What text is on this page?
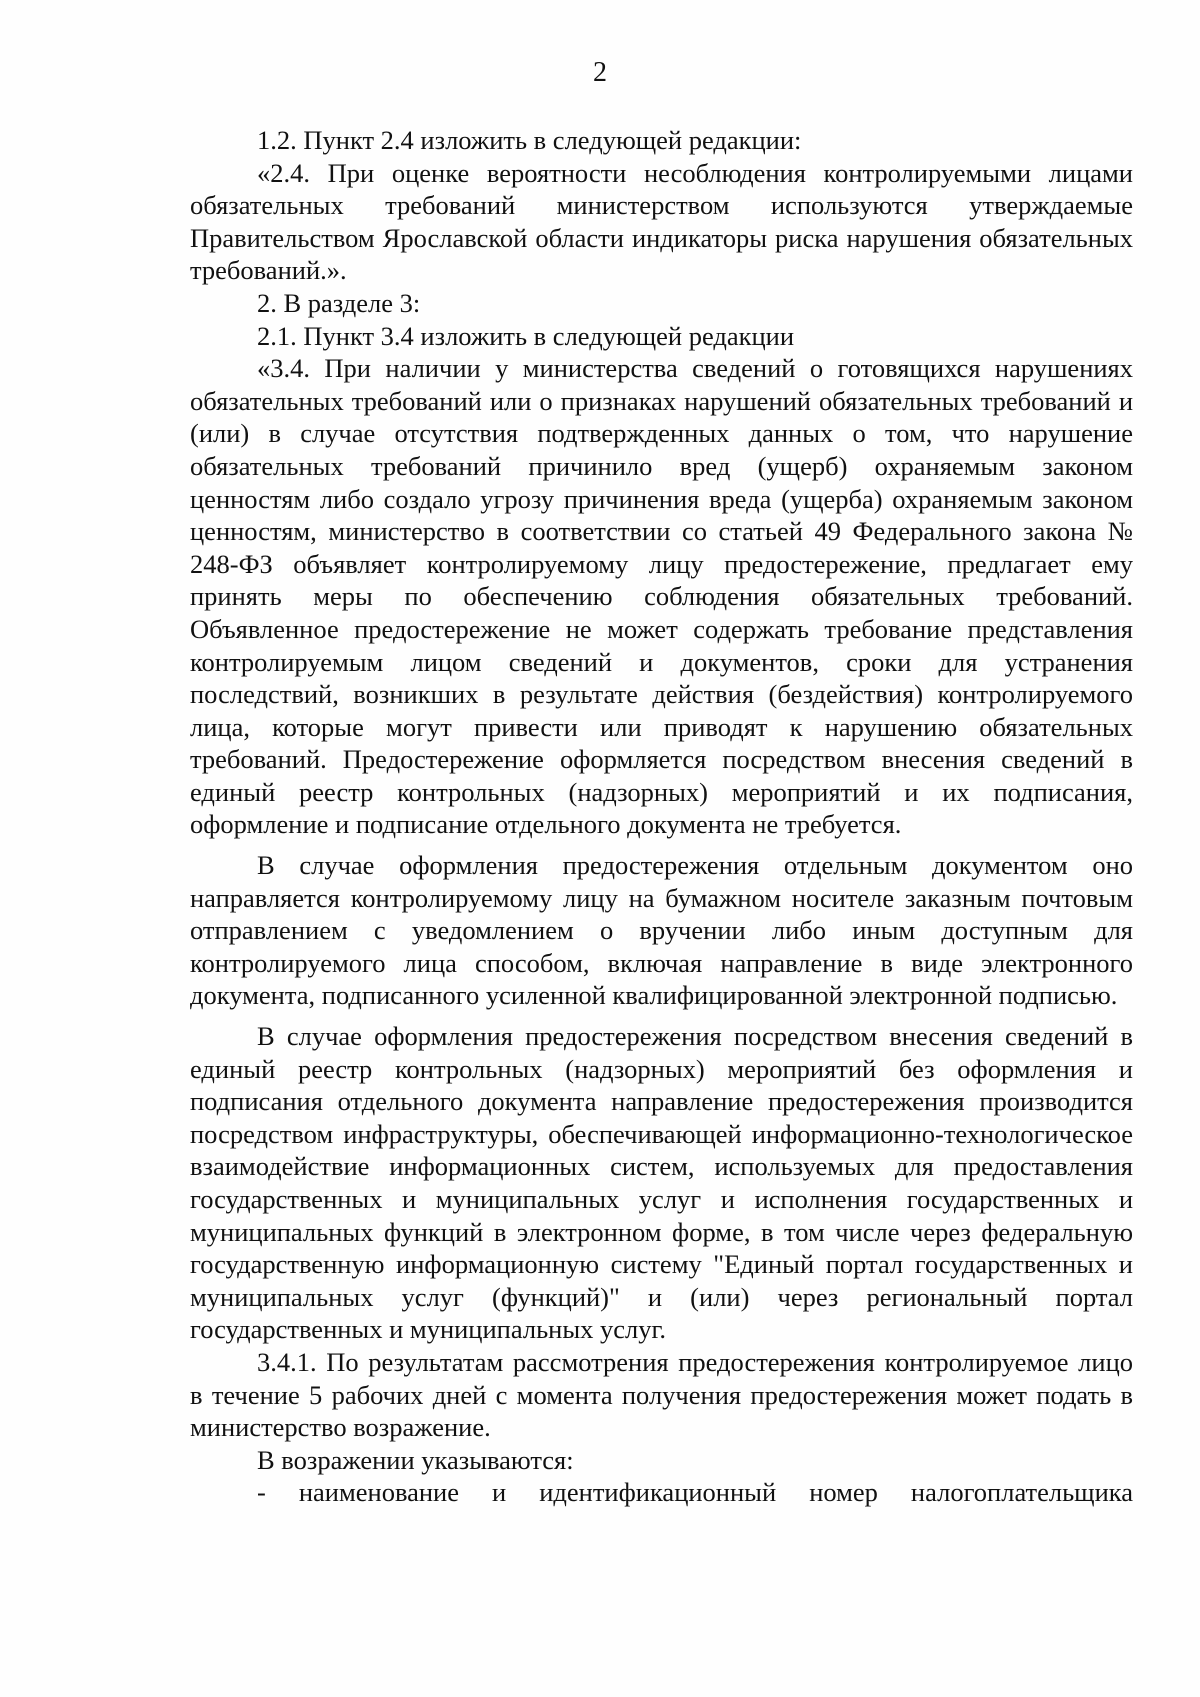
2

1.2. Пункт 2.4 изложить в следующей редакции:

«2.4. При оценке вероятности несоблюдения контролируемыми лицами обязательных требований министерством используются утверждаемые Правительством Ярославской области индикаторы риска нарушения обязательных требований.».

2. В разделе 3:

2.1. Пункт 3.4 изложить в следующей редакции

«3.4. При наличии у министерства сведений о готовящихся нарушениях обязательных требований или о признаках нарушений обязательных требований и (или) в случае отсутствия подтвержденных данных о том, что нарушение обязательных требований причинило вред (ущерб) охраняемым законом ценностям либо создало угрозу причинения вреда (ущерба) охраняемым законом ценностям, министерство в соответствии со статьей 49 Федерального закона № 248-ФЗ объявляет контролируемому лицу предостережение, предлагает ему принять меры по обеспечению соблюдения обязательных требований. Объявленное предостережение не может содержать требование представления контролируемым лицом сведений и документов, сроки для устранения последствий, возникших в результате действия (бездействия) контролируемого лица, которые могут привести или приводят к нарушению обязательных требований. Предостережение оформляется посредством внесения сведений в единый реестр контрольных (надзорных) мероприятий и их подписания, оформление и подписание отдельного документа не требуется.

В случае оформления предостережения отдельным документом оно направляется контролируемому лицу на бумажном носителе заказным почтовым отправлением с уведомлением о вручении либо иным доступным для контролируемого лица способом, включая направление в виде электронного документа, подписанного усиленной квалифицированной электронной подписью.

В случае оформления предостережения посредством внесения сведений в единый реестр контрольных (надзорных) мероприятий без оформления и подписания отдельного документа направление предостережения производится посредством инфраструктуры, обеспечивающей информационно-технологическое взаимодействие информационных систем, используемых для предоставления государственных и муниципальных услуг и исполнения государственных и муниципальных функций в электронном форме, в том числе через федеральную государственную информационную систему "Единый портал государственных и муниципальных услуг (функций)" и (или) через региональный портал государственных и муниципальных услуг.

3.4.1. По результатам рассмотрения предостережения контролируемое лицо в течение 5 рабочих дней с момента получения предостережения может подать в министерство возражение.

В возражении указываются:

- наименование и идентификационный номер налогоплательщика
